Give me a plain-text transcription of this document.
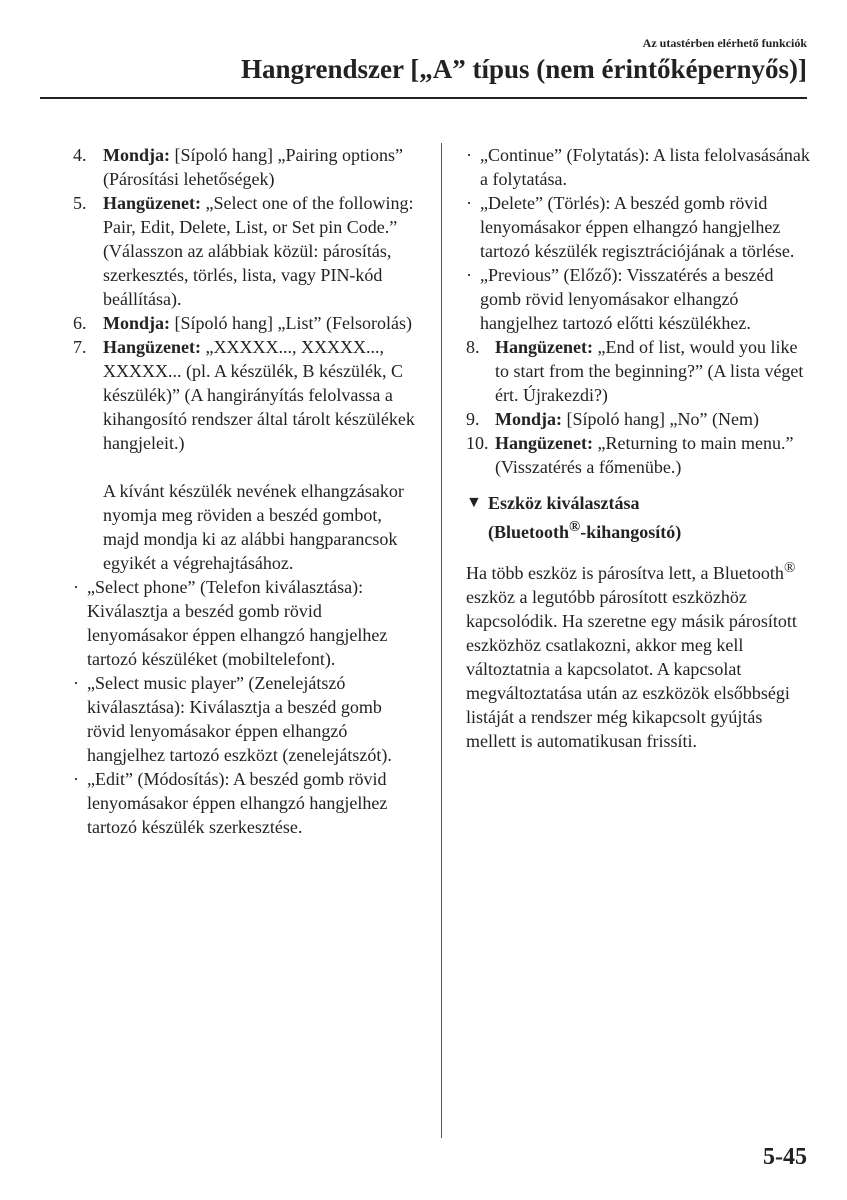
Az utastérben elérhető funkciók
Hangrendszer [„A” típus (nem érintőképernyős)]
4. Mondja: [Sípoló hang] „Pairing options” (Párosítási lehetőségek)
5. Hangüzenet: „Select one of the following: Pair, Edit, Delete, List, or Set pin Code.” (Válasszon az alábbiak közül: párosítás, szerkesztés, törlés, lista, vagy PIN-kód beállítása).
6. Mondja: [Sípoló hang] „List” (Felsorolás)
7. Hangüzenet: „XXXXX..., XXXXX..., XXXXX... (pl. A készülék, B készülék, C készülék)” (A hangirányítás felolvassa a kihangosító rendszer által tárolt készülékek hangjeleit.)

A kívánt készülék nevének elhangzásakor nyomja meg röviden a beszéd gombot, majd mondja ki az alábbi hangparancsok egyikét a végrehajtásához.

· „Select phone” (Telefon kiválasztása): Kiválasztja a beszéd gomb rövid lenyomásakor éppen elhangzó hangjelhez tartozó készüléket (mobiltelefont).
· „Select music player” (Zenelejátszó kiválasztása): Kiválasztja a beszéd gomb rövid lenyomásakor éppen elhangzó hangjelhez tartozó eszközt (zenelejátszót).
· „Edit” (Módosítás): A beszéd gomb rövid lenyomásakor éppen elhangzó hangjelhez tartozó készülék szerkesztése.
· „Continue” (Folytatás): A lista felolvasásának a folytatása.
· „Delete” (Törlés): A beszéd gomb rövid lenyomásakor éppen elhangzó hangjelhez tartozó készülék regisztrációjának a törlése.
· „Previous” (Előző): Visszatérés a beszéd gomb rövid lenyomásakor elhangzó hangjelhez tartozó előtti készülékhez.
8. Hangüzenet: „End of list, would you like to start from the beginning?” (A lista véget ért. Újrakezdi?)
9. Mondja: [Sípoló hang] „No” (Nem)
10. Hangüzenet: „Returning to main menu.” (Visszatérés a főmenübe.)
▼ Eszköz kiválasztása
(Bluetooth®-kihangosító)

Ha több eszköz is párosítva lett, a Bluetooth® eszköz a legutóbb párosított eszközhöz kapcsolódik. Ha szeretne egy másik párosított eszközhöz csatlakozni, akkor meg kell változtatnia a kapcsolatot. A kapcsolat megváltoztatása után az eszközök elsőbbségi listáját a rendszer még kikapcsolt gyújtás mellett is automatikusan frissíti.

5-45
